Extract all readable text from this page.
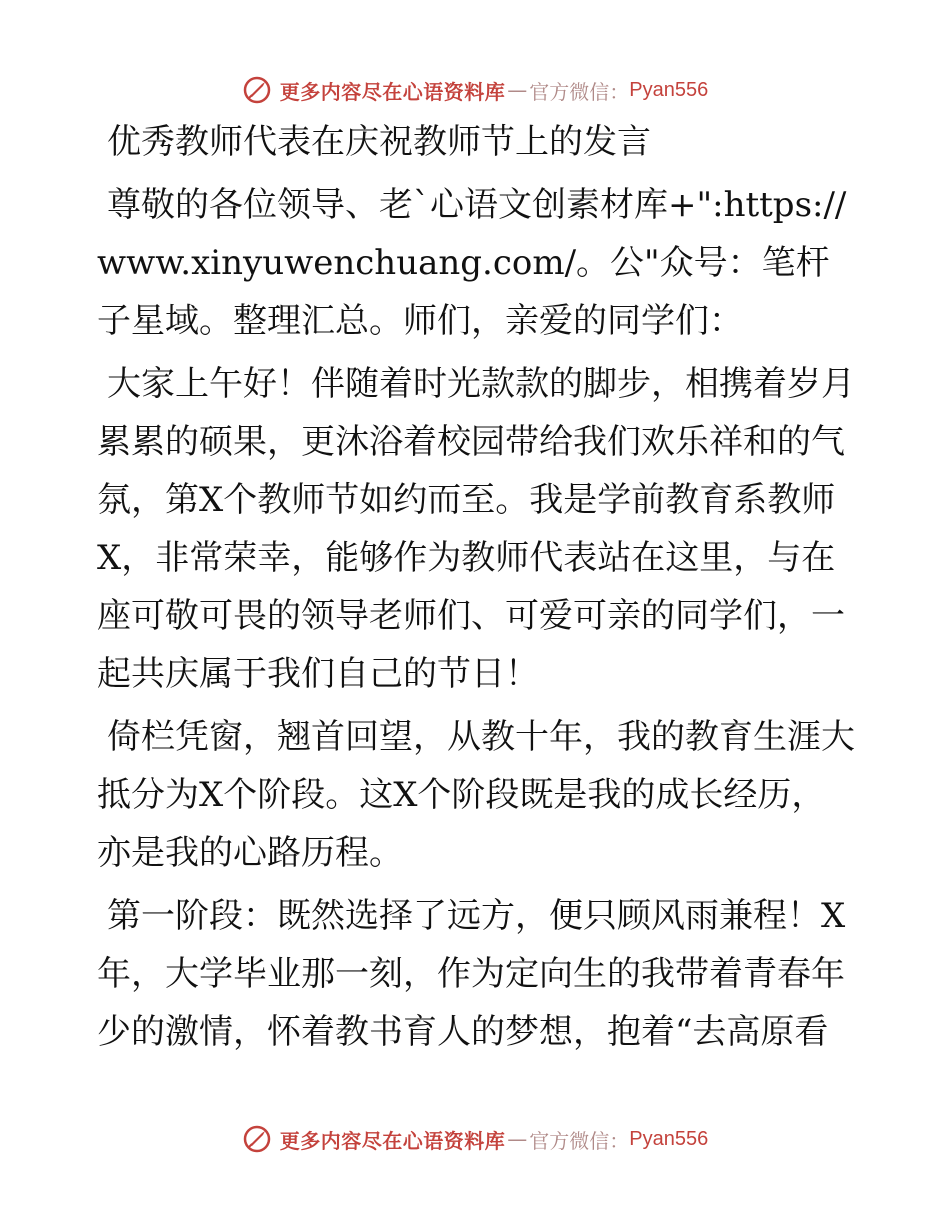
更多内容尽在心语资料库 — 官方微信： Pyan556
优秀教师代表在庆祝教师节上的发言

尊敬的各位领导、老`心语文创素材库+":https://www.xinyuwenchuang.com/。公"众号：笔杆子星域。整理汇总。师们，亲爱的同学们：

大家上午好！伴随着时光款款的脚步，相携着岁月累累的硕果，更沐浴着校园带给我们欢乐祥和的气氛，第X个教师节如约而至。我是学前教育系教师X，非常荣幸，能够作为教师代表站在这里，与在座可敬可畏的领导老师们、可爱可亲的同学们，一起共庆属于我们自己的节日！

倚栏凭窗，翘首回望，从教十年，我的教育生涯大抵分为X个阶段。这X个阶段既是我的成长经历，亦是我的心路历程。

第一阶段：既然选择了远方，便只顾风雨兼程！X年，大学毕业那一刻，作为定向生的我带着青春年少的激情，怀着教书育人的梦想，抱着“去高原看

更多内容尽在心语资料库 — 官方微信： Pyan556
